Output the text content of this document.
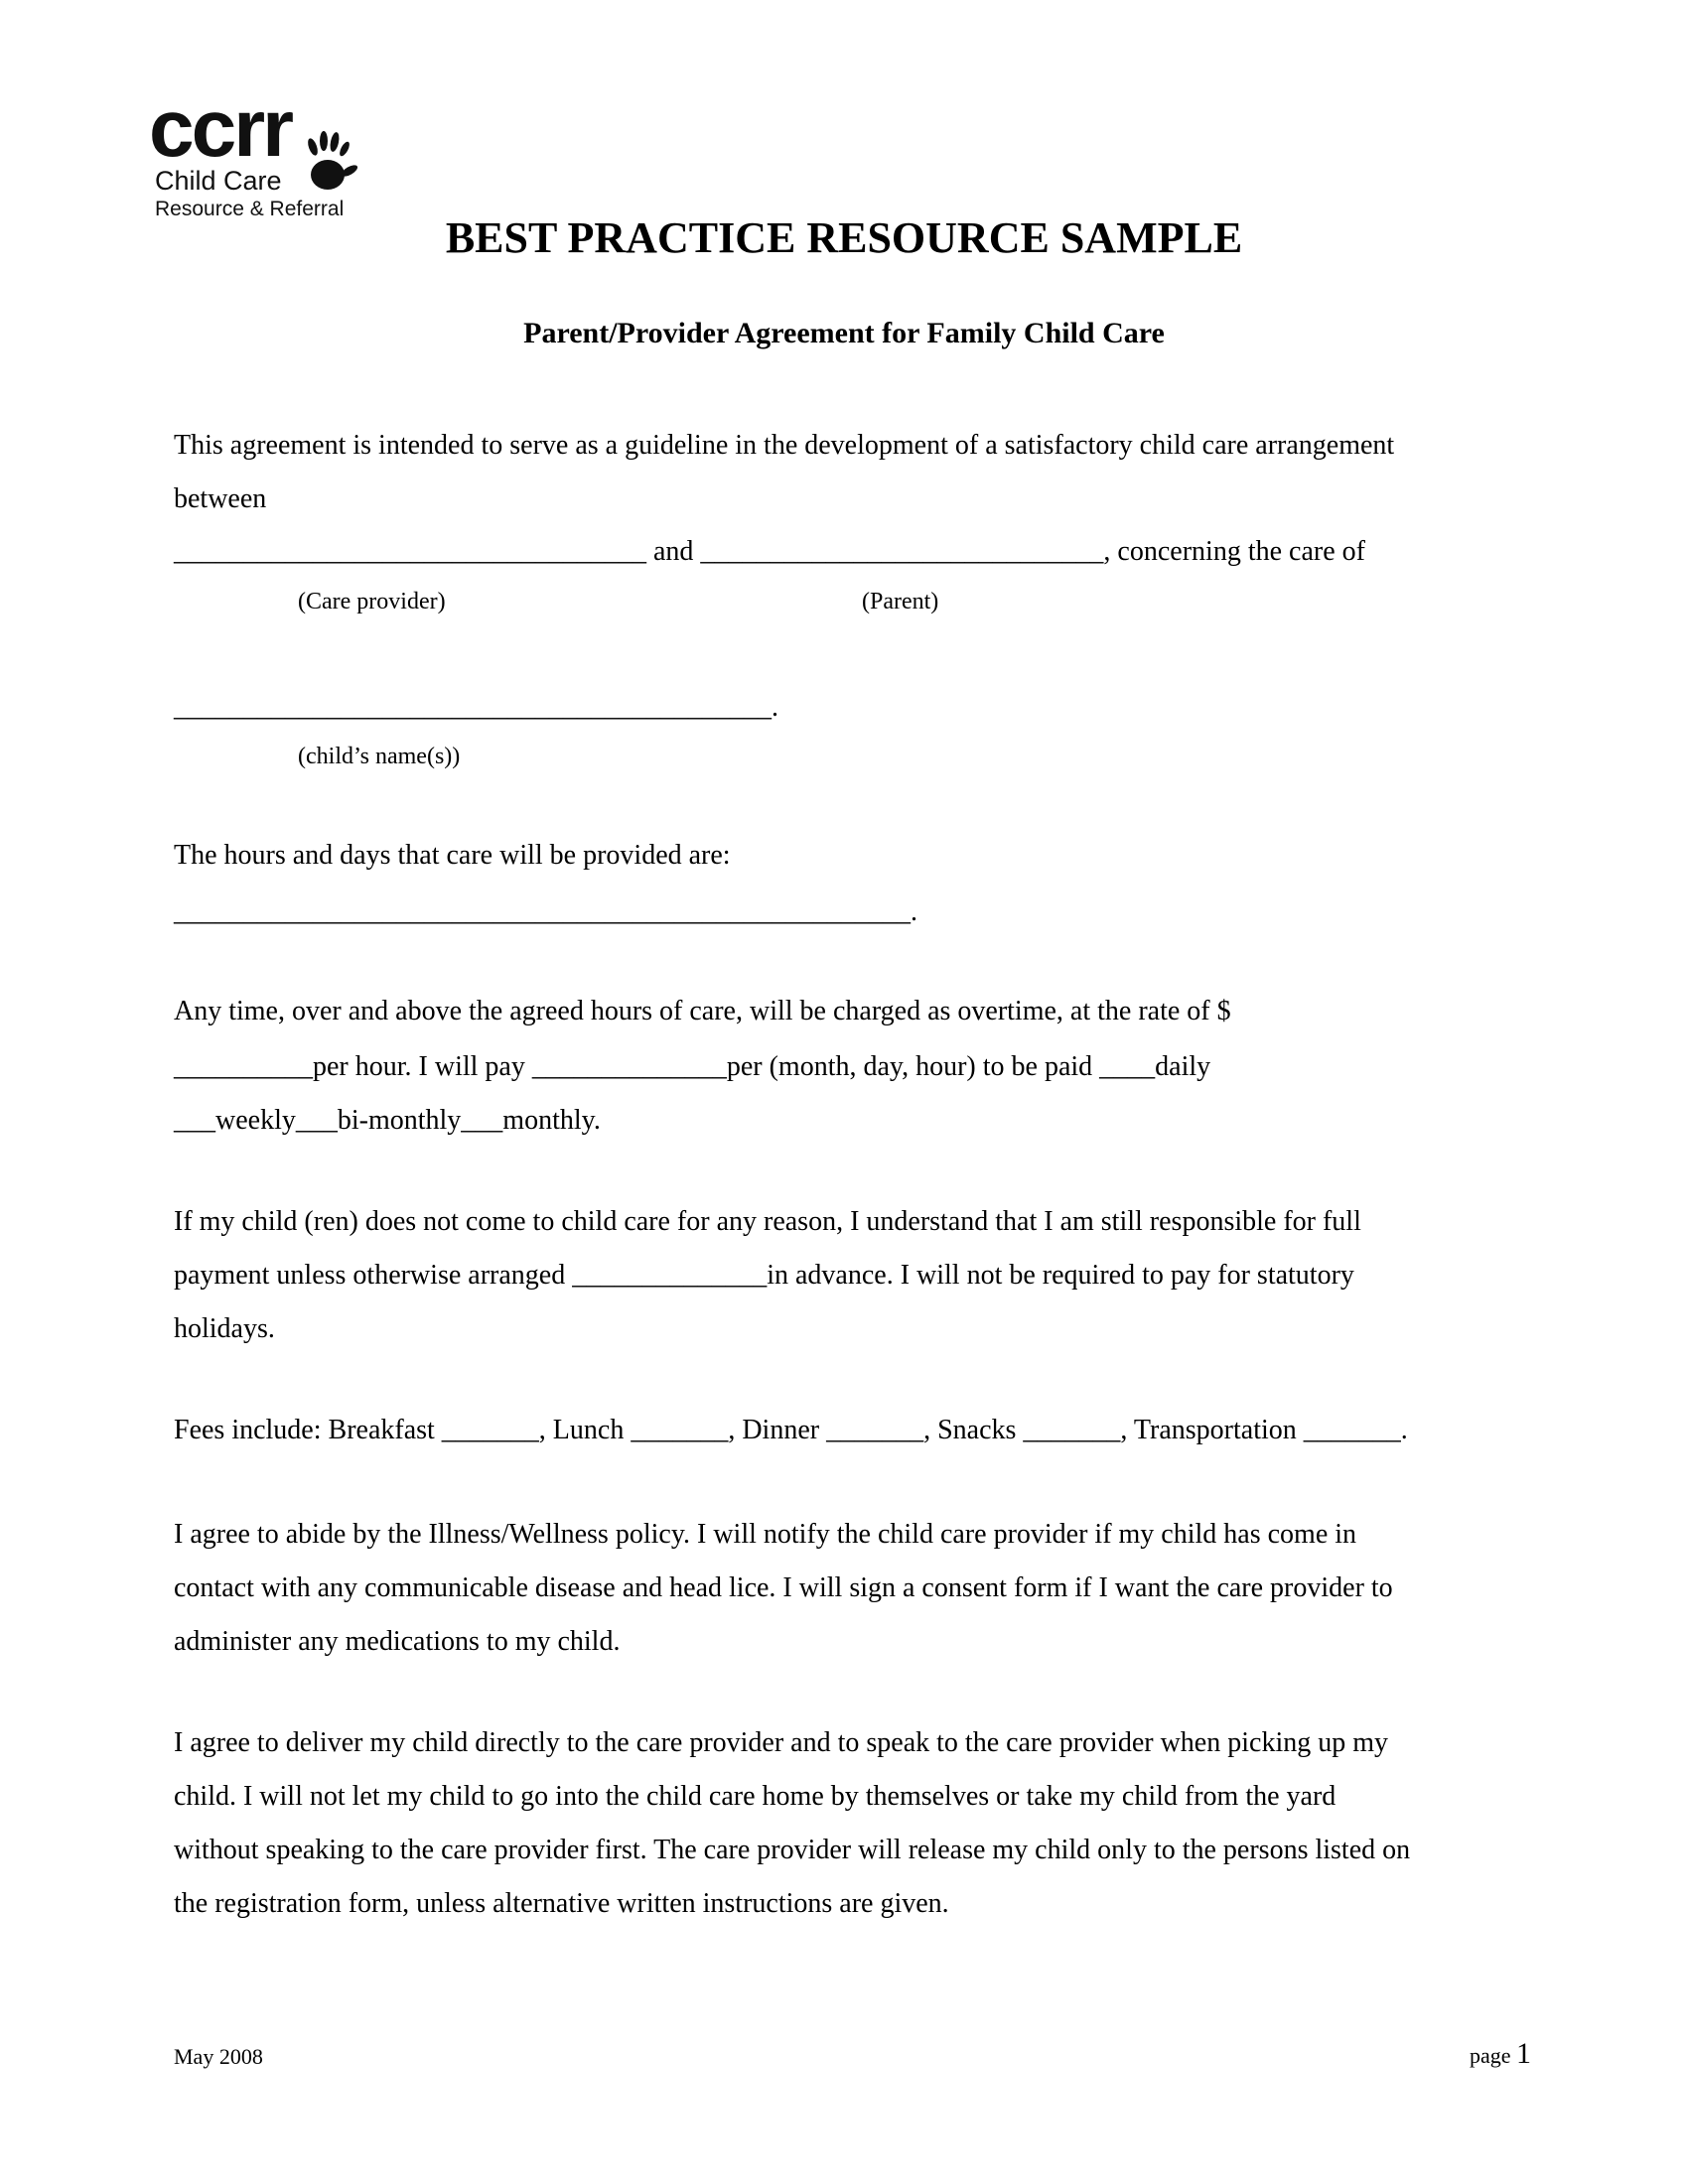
ccrr
Child Care
Resource & Referral
BEST PRACTICE RESOURCE SAMPLE
Parent/Provider Agreement for Family Child Care
This agreement is intended to serve as a guideline in the development of a satisfactory child care arrangement
between
__________________________________ and _____________________________, concerning the care of
(Care provider)	(Parent)
___________________________________________.
(child’s name(s))
The hours and days that care will be provided are:
_____________________________________________________.
Any time, over and above the agreed hours of care, will be charged as overtime, at the rate of $
__________per hour. I will pay ______________per (month, day, hour) to be paid ____daily
___weekly___bi-monthly___monthly.
If my child (ren) does not come to child care for any reason, I understand that I am still responsible for full
payment unless otherwise arranged ______________in advance. I will not be required to pay for statutory
holidays.
Fees include: Breakfast _______, Lunch _______, Dinner _______, Snacks _______, Transportation _______.
I agree to abide by the Illness/Wellness policy. I will notify the child care provider if my child has come in
contact with any communicable disease and head lice. I will sign a consent form if I want the care provider to
administer any medications to my child.
I agree to deliver my child directly to the care provider and to speak to the care provider when picking up my
child. I will not let my child to go into the child care home by themselves or take my child from the yard
without speaking to the care provider first. The care provider will release my child only to the persons listed on
the registration form, unless alternative written instructions are given.
May 2008	page 1
